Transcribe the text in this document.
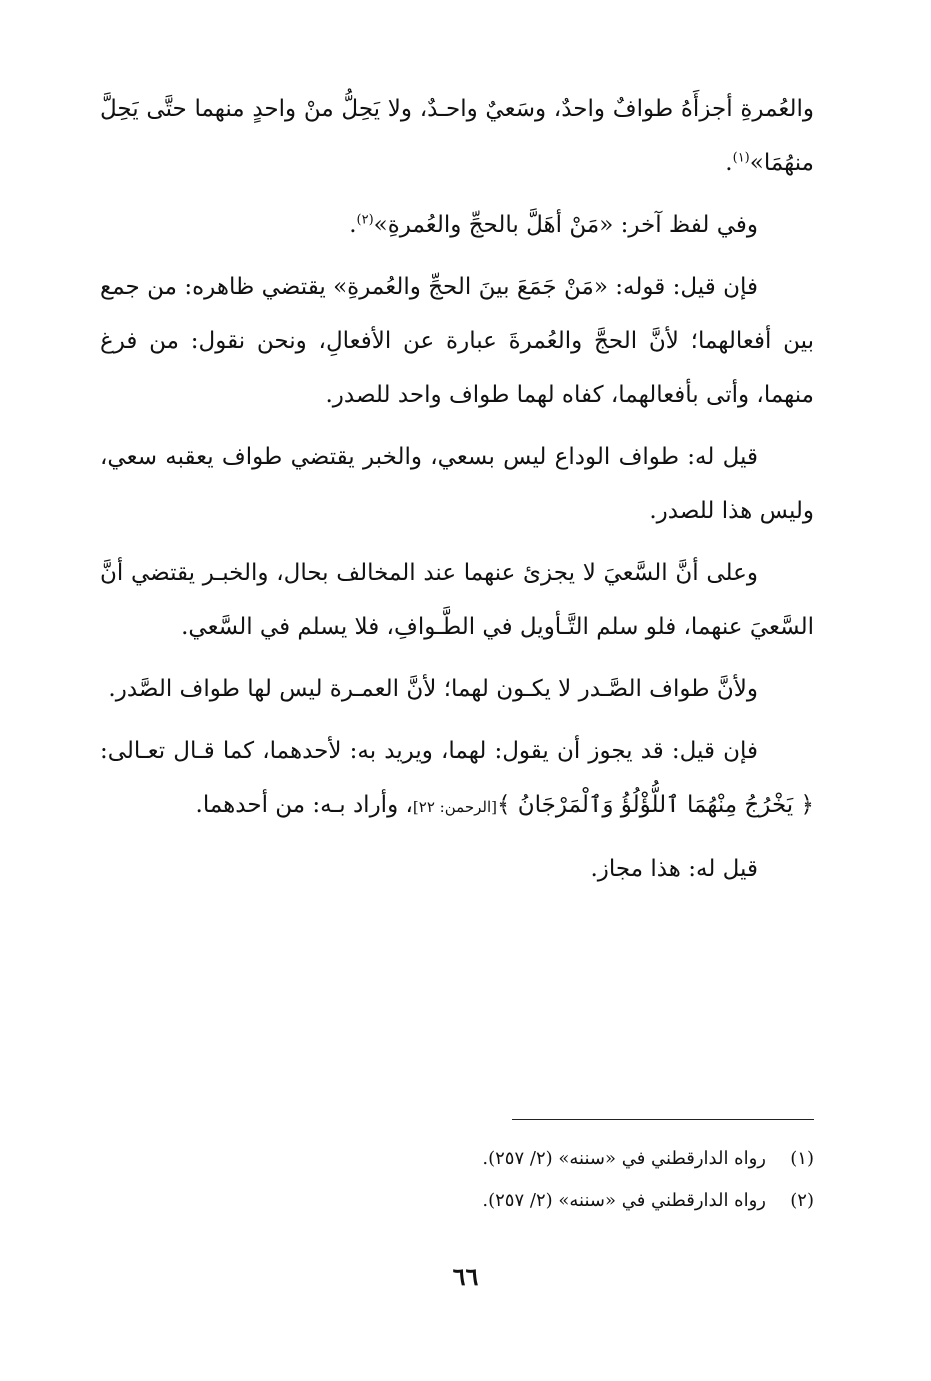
والعُمرةِ أجزأَهُ طوافٌ واحدٌ، وسَعيٌ واحـدٌ، ولا يَحِلُّ منْ واحدٍ منهما حتَّى يَحِلَّ منهُمَا»$^{(١)}$.

وفي لفظ آخر: «مَنْ أهَلَّ بالحجِّ والعُمرةِ»$^{(٢)}$.

فإن قيل: قوله: «مَنْ جَمَعَ بينَ الحجِّ والعُمرةِ» يقتضي ظاهره: من جمع بين أفعالهما؛ لأنَّ الحجَّ والعُمرةَ عبارة عن الأفعالِ، ونحن نقول: من فرغ منهما، وأتى بأفعالهما، كفاه لهما طواف واحد للصدر.

قيل له: طواف الوداع ليس بسعي، والخبر يقتضي طواف يعقبه سعي، وليس هذا للصدر.

وعلى أنَّ السَّعيَ لا يجزئ عنهما عند المخالف بحال، والخبـر يقتضي أنَّ السَّعيَ عنهما، فلو سلم التَّـأويل في الطَّـوافِ، فلا يسلم في السَّعي.

ولأنَّ طواف الصَّـدر لا يكـون لهما؛ لأنَّ العمـرة ليس لها طواف الصَّدر.

فإن قيل: قد يجوز أن يقول: لهما، ويريد به: لأحدهما، كما قـال تعـالى: ﴿ يَخْرُجُ مِنْهُمَا ٱللُّؤْلُؤُ وَٱلْمَرْجَانُ ﴾[الرحمن: ٢٢]، وأراد بـه: من أحدهما.

قيل له: هذا مجاز.

(١)رواه الدارقطني في «سننه» (٢/ ٢٥٧).
(٢)رواه الدارقطني في «سننه» (٢/ ٢٥٧).
٦٦
